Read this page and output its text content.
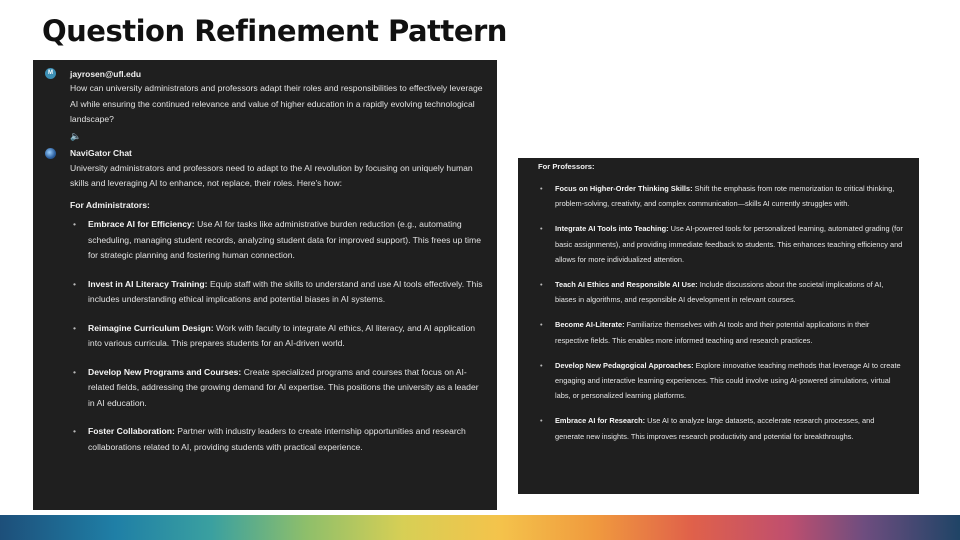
Question Refinement Pattern
M	jayrosen@ufl.edu
How can university administrators and professors adapt their roles and responsibilities to effectively leverage AI while ensuring the continued relevance and value of higher education in a rapidly evolving technological landscape?
🔈
NaviGator Chat
University administrators and professors need to adapt to the AI revolution by focusing on uniquely human skills and leveraging AI to enhance, not replace, their roles. Here's how:
For Administrators:
• Embrace AI for Efficiency: Use AI for tasks like administrative burden reduction (e.g., automating scheduling, managing student records, analyzing student data for improved support). This frees up time for strategic planning and fostering human connection.
• Invest in AI Literacy Training: Equip staff with the skills to understand and use AI tools effectively. This includes understanding ethical implications and potential biases in AI systems.
• Reimagine Curriculum Design: Work with faculty to integrate AI ethics, AI literacy, and AI application into various curricula. This prepares students for an AI-driven world.
• Develop New Programs and Courses: Create specialized programs and courses that focus on AI-related fields, addressing the growing demand for AI expertise. This positions the university as a leader in AI education.
• Foster Collaboration: Partner with industry leaders to create internship opportunities and research collaborations related to AI, providing students with practical experience.
For Professors:
• Focus on Higher-Order Thinking Skills: Shift the emphasis from rote memorization to critical thinking, problem-solving, creativity, and complex communication—skills AI currently struggles with.
• Integrate AI Tools into Teaching: Use AI-powered tools for personalized learning, automated grading (for basic assignments), and providing immediate feedback to students. This enhances teaching efficiency and allows for more individualized attention.
• Teach AI Ethics and Responsible AI Use: Include discussions about the societal implications of AI, biases in algorithms, and responsible AI development in relevant courses.
• Become AI-Literate: Familiarize themselves with AI tools and their potential applications in their respective fields. This enables more informed teaching and research practices.
• Develop New Pedagogical Approaches: Explore innovative teaching methods that leverage AI to create engaging and interactive learning experiences. This could involve using AI-powered simulations, virtual labs, or personalized learning platforms.
• Embrace AI for Research: Use AI to analyze large datasets, accelerate research processes, and generate new insights. This improves research productivity and potential for breakthroughs.
